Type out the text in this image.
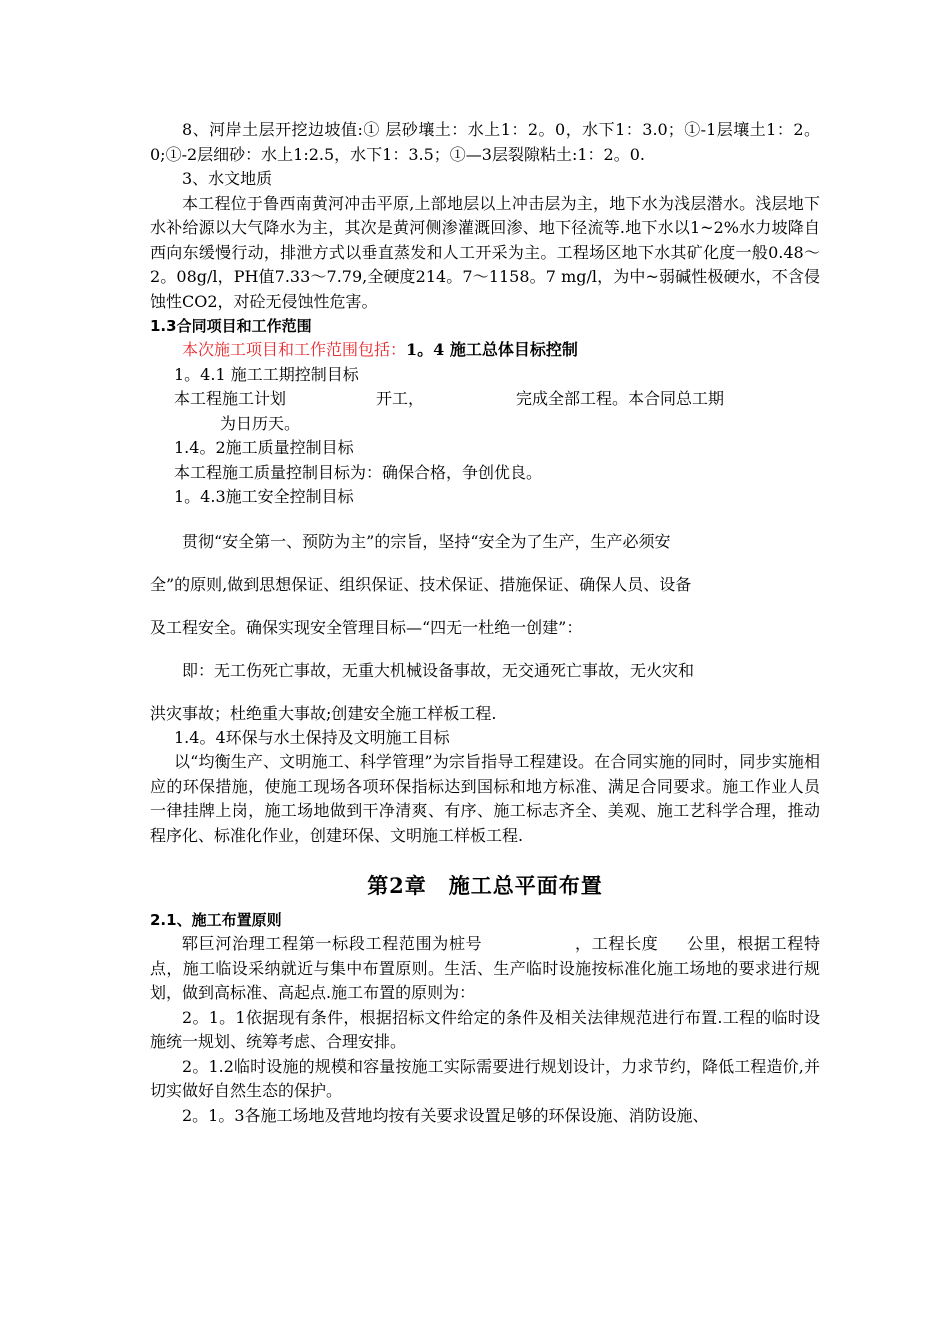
8、河岸土层开挖边坡值:① 层砂壤土：水上1：2。0，水下1：3.0；①-1层壤土1：2。0;①-2层细砂：水上1:2.5，水下1：3.5；①—3层裂隙粘土:1：2。0.

3、水文地质

本工程位于鲁西南黄河冲击平原,上部地层以上冲击层为主，地下水为浅层潜水。浅层地下水补给源以大气降水为主，其次是黄河侧渗灌溉回渗、地下径流等.地下水以1~2%水力坡降自西向东缓慢行动，排泄方式以垂直蒸发和人工开采为主。工程场区地下水其矿化度一般0.48～2。08g/l，PH值7.33～7.79,全硬度214。7～1158。7 mg/l，为中~弱碱性极硬水，不含侵蚀性CO2，对砼无侵蚀性危害。

1.3合同项目和工作范围

本次施工项目和工作范围包括：1。4 施工总体目标控制

1。4.1 施工工期控制目标

本工程施工计划	开工，	完成全部工程。本合同总工期

为日历天。

1.4。2施工质量控制目标

本工程施工质量控制目标为：确保合格，争创优良。

1。4.3施工安全控制目标

贯彻“安全第一、预防为主”的宗旨，坚持“安全为了生产，生产必须安

全”的原则,做到思想保证、组织保证、技术保证、措施保证、确保人员、设备

及工程安全。确保实现安全管理目标—“四无一杜绝一创建”：

即：无工伤死亡事故，无重大机械设备事故，无交通死亡事故，无火灾和

洪灾事故；杜绝重大事故;创建安全施工样板工程.

1.4。4环保与水土保持及文明施工目标

以“均衡生产、文明施工、科学管理”为宗旨指导工程建设。在合同实施的同时，同步实施相应的环保措施，使施工现场各项环保指标达到国标和地方标准、满足合同要求。施工作业人员一律挂牌上岗，施工场地做到干净清爽、有序、施工标志齐全、美观、施工艺科学合理，推动程序化、标准化作业，创建环保、文明施工样板工程.

第2章　施工总平面布置

2.1、施工布置原则

郓巨河治理工程第一标段工程范围为桩号	，工程长度 公里，根据工程特点，施工临设采纳就近与集中布置原则。生活、生产临时设施按标准化施工场地的要求进行规划，做到高标准、高起点.施工布置的原则为：

2。1。1依据现有条件，根据招标文件给定的条件及相关法律规范进行布置.工程的临时设施统一规划、统筹考虑、合理安排。

2。1.2临时设施的规模和容量按施工实际需要进行规划设计，力求节约，降低工程造价,并切实做好自然生态的保护。

2。1。3各施工场地及营地均按有关要求设置足够的环保设施、消防设施、
